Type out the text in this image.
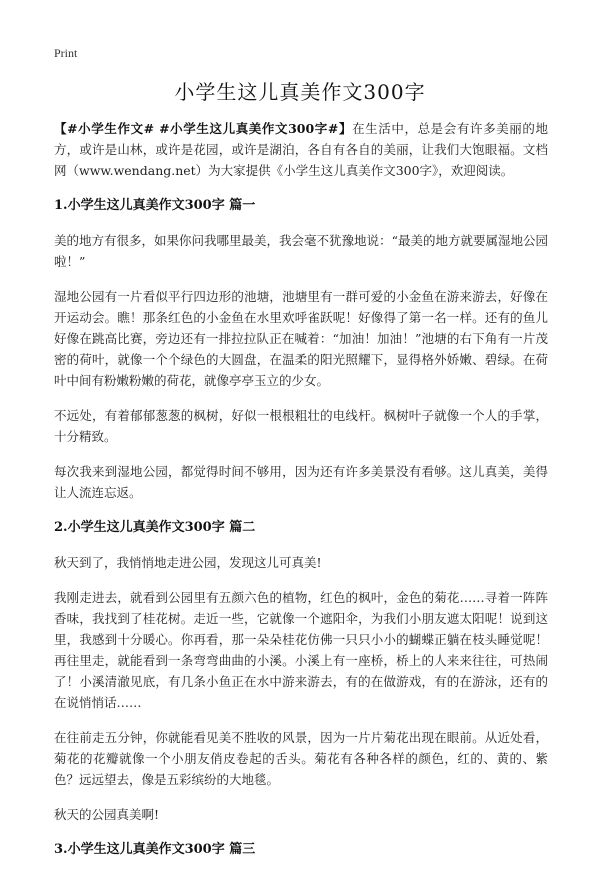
Print
小学生这儿真美作文300字

【#小学生作文# #小学生这儿真美作文300字#】在生活中，总是会有许多美丽的地方，或许是山林，或许是花园，或许是湖泊，各自有各自的美丽，让我们大饱眼福。文档网（www.wendang.net）为大家提供《小学生这儿真美作文300字》，欢迎阅读。

1.小学生这儿真美作文300字 篇一

美的地方有很多，如果你问我哪里最美，我会毫不犹豫地说：“最美的地方就要属湿地公园啦！”

湿地公园有一片看似平行四边形的池塘，池塘里有一群可爱的小金鱼在游来游去，好像在开运动会。瞧！那条红色的小金鱼在水里欢呼雀跃呢！好像得了第一名一样。还有的鱼儿好像在跳高比赛，旁边还有一排拉拉队正在喊着：“加油！加油！”池塘的右下角有一片茂密的荷叶，就像一个个绿色的大圆盘，在温柔的阳光照耀下，显得格外娇嫩、碧绿。在荷叶中间有粉嫩粉嫩的荷花，就像亭亭玉立的少女。

不远处，有着郁郁葱葱的枫树，好似一根根粗壮的电线杆。枫树叶子就像一个人的手掌，十分精致。

每次我来到湿地公园，都觉得时间不够用，因为还有许多美景没有看够。这儿真美，美得让人流连忘返。

2.小学生这儿真美作文300字 篇二

秋天到了，我悄悄地走进公园，发现这儿可真美!

我刚走进去，就看到公园里有五颜六色的植物，红色的枫叶，金色的菊花……寻着一阵阵香味，我找到了桂花树。走近一些，它就像一个遮阳伞，为我们小朋友遮太阳呢！说到这里，我感到十分暖心。你再看，那一朵朵桂花仿佛一只只小小的蝴蝶正躺在枝头睡觉呢！再往里走，就能看到一条弯弯曲曲的小溪。小溪上有一座桥，桥上的人来来往往，可热闹了！小溪清澈见底，有几条小鱼正在水中游来游去，有的在做游戏，有的在游泳，还有的在说悄悄话……

在往前走五分钟，你就能看见美不胜收的风景，因为一片片菊花出现在眼前。从近处看，菊花的花瓣就像一个小朋友俏皮卷起的舌头。菊花有各种各样的颜色，红的、黄的、紫色？远远望去，像是五彩缤纷的大地毯。

秋天的公园真美啊!

3.小学生这儿真美作文300字 篇三
